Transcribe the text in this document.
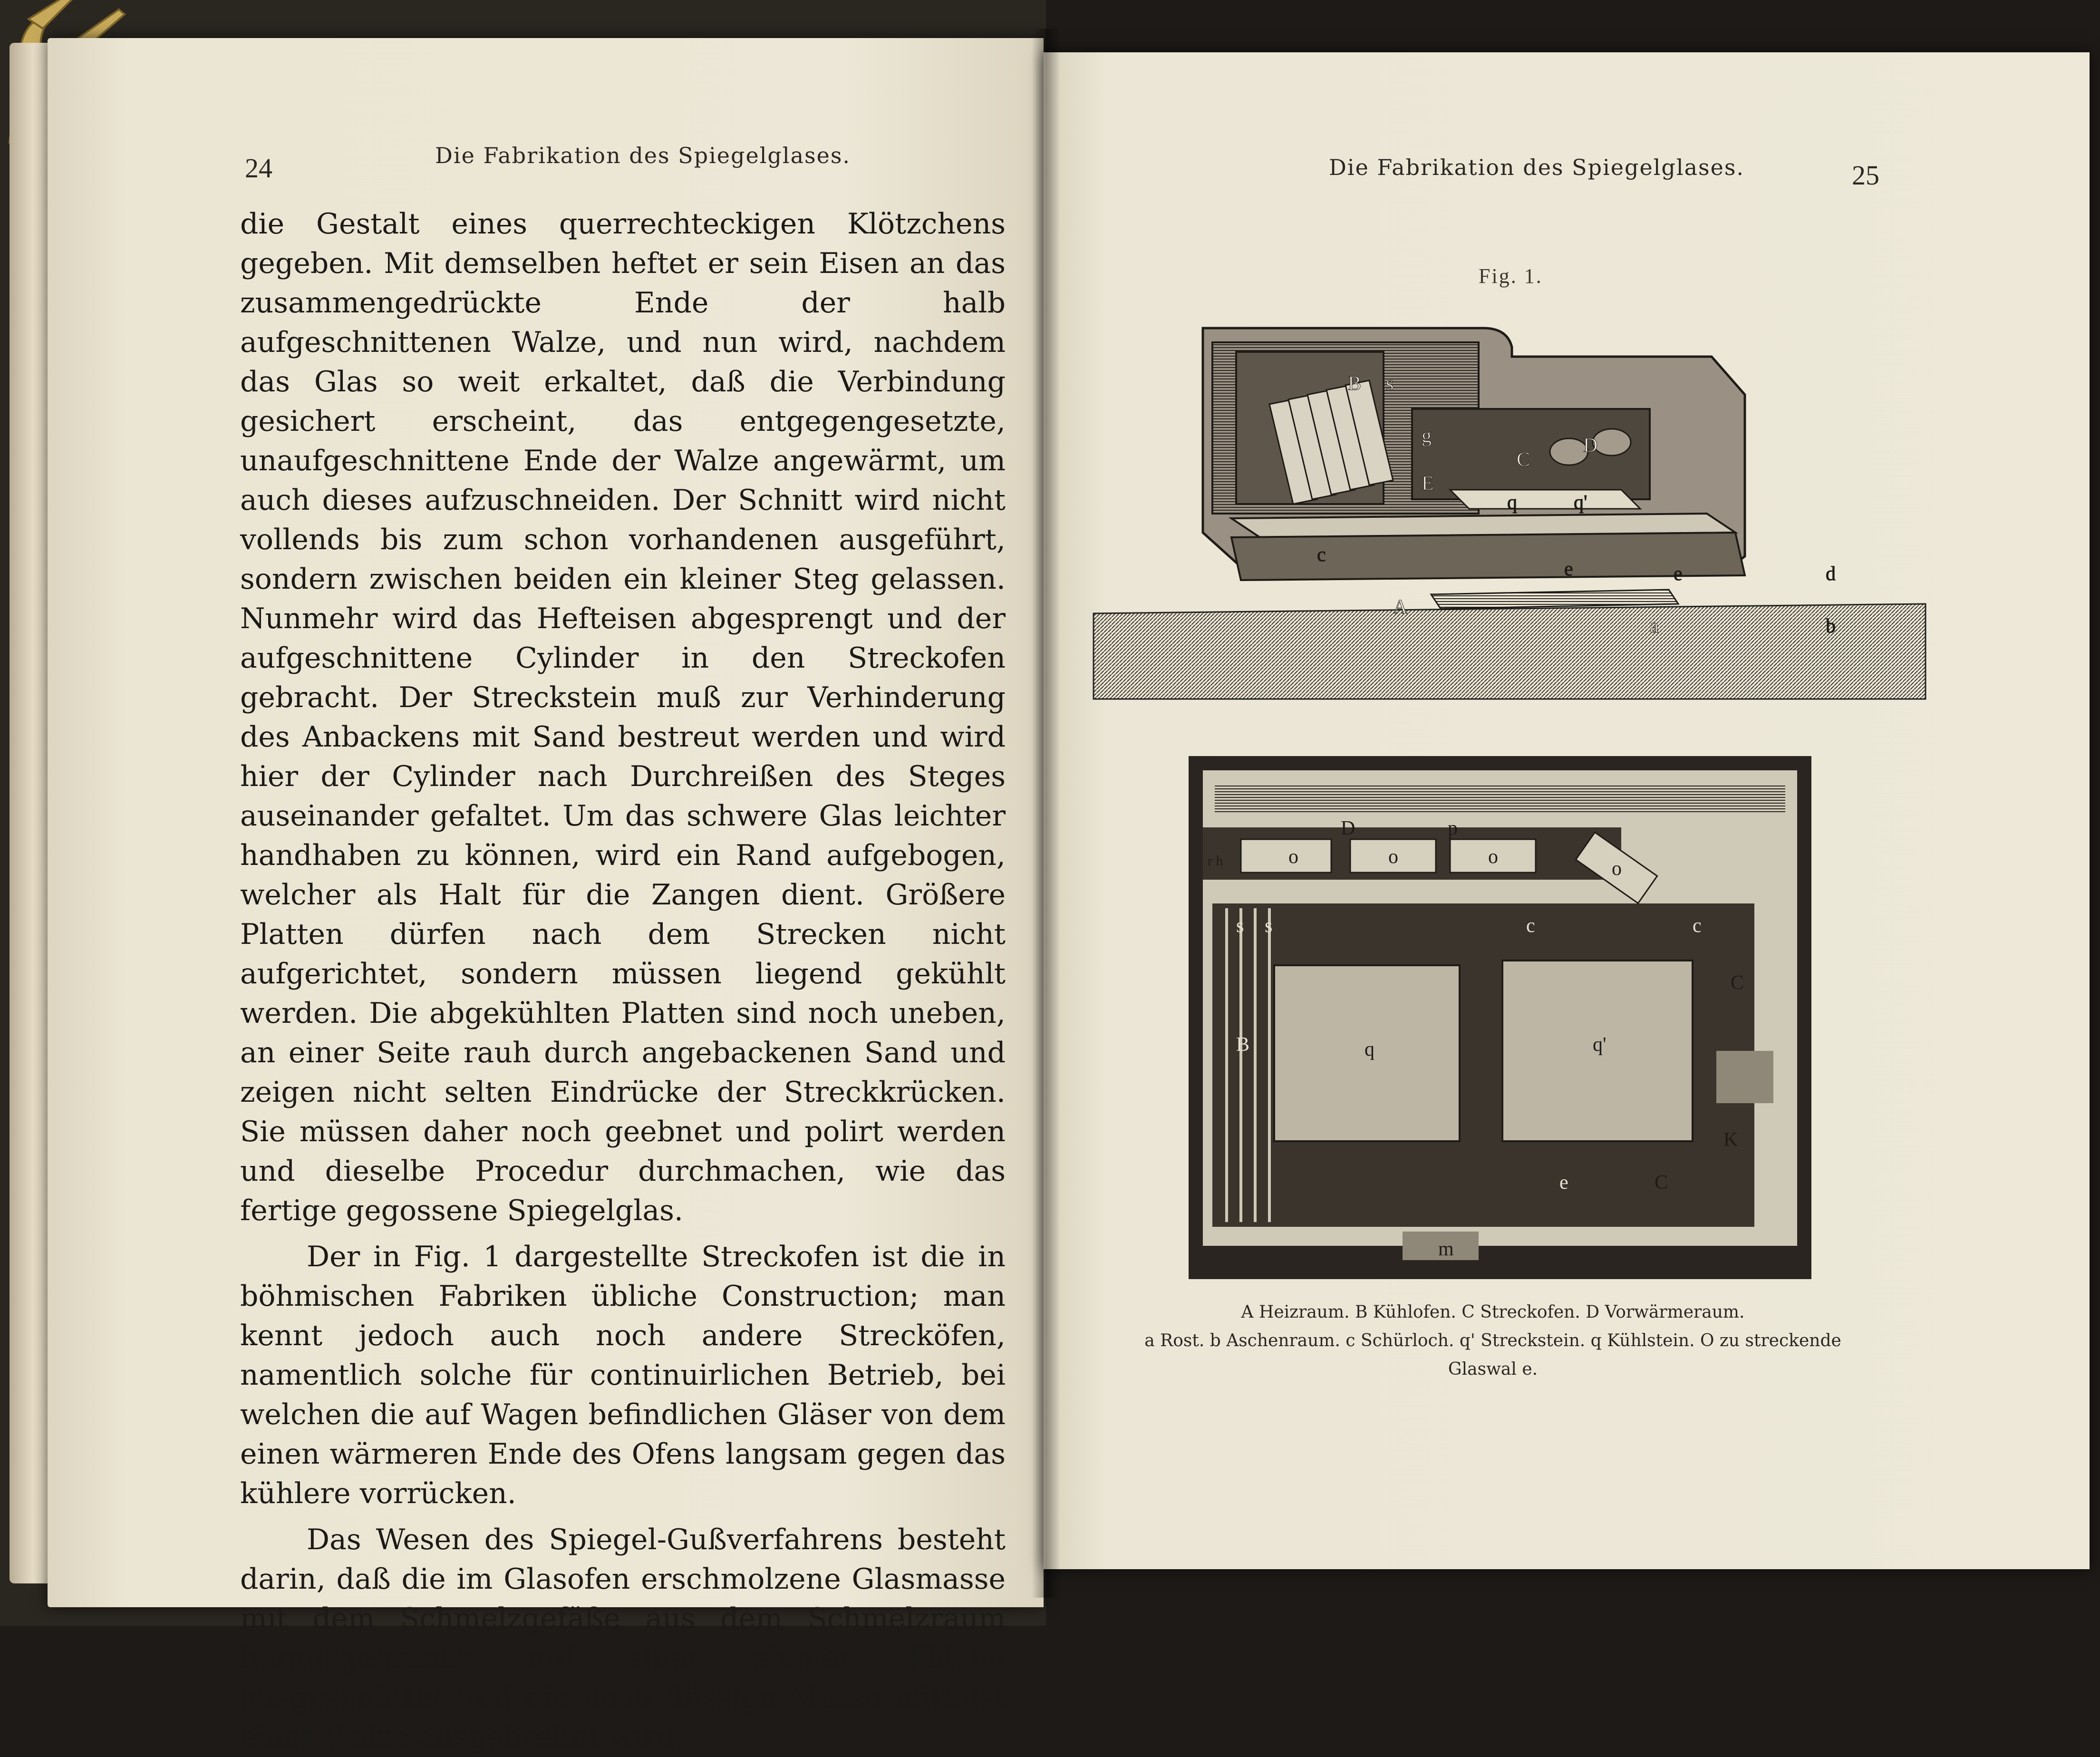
24	Die Fabrikation des Spiegelglases.

die Gestalt eines querrechteckigen Klötzchens gegeben. Mit demselben heftet er sein Eisen an das zusammengedrückte Ende der halb aufgeschnittenen Walze, und nun wird, nachdem das Glas so weit erkaltet, daß die Verbindung gesichert erscheint, das entgegengesetzte, unaufgeschnittene Ende der Walze angewärmt, um auch dieses aufzuschneiden. Der Schnitt wird nicht vollends bis zum schon vorhandenen ausgeführt, sondern zwischen beiden ein kleiner Steg gelassen. Nunmehr wird das Hefteisen abgesprengt und der aufgeschnittene Cylinder in den Streckofen gebracht. Der Streckstein muß zur Verhinderung des Anbackens mit Sand bestreut werden und wird hier der Cylinder nach Durchreißen des Steges auseinander gefaltet. Um das schwere Glas leichter handhaben zu können, wird ein Rand aufgebogen, welcher als Halt für die Zangen dient. Größere Platten dürfen nach dem Strecken nicht aufgerichtet, sondern müssen liegend gekühlt werden. Die abgekühlten Platten sind noch uneben, an einer Seite rauh durch angebackenen Sand und zeigen nicht selten Eindrücke der Streckkrücken. Sie müssen daher noch geebnet und polirt werden und dieselbe Procedur durchmachen, wie das fertige gegossene Spiegelglas.

Der in Fig. 1 dargestellte Streckofen ist die in böhmischen Fabriken übliche Construction; man kennt jedoch auch noch andere Strecköfen, namentlich solche für continuirlichen Betrieb, bei welchen die auf Wagen befindlichen Gläser von dem einen wärmeren Ende des Ofens langsam gegen das kühlere vorrücken.

Das Wesen des Spiegel-Gußverfahrens besteht darin, daß die im Glasofen erschmolzene Glasmasse mit dem Schmelzgefäße aus dem Schmelzraum herausgebracht, auf einer ebenen Fläche ausgeschüttet und die noch flüssige Masse mittelst einer Walze ausgebreitet wird.

Die Fabrikation des Spiegelglases.	25
Fig. 1.
B s
g
C
D
E
q	q'
c
e	e
A
a
d
b
D	p
o	o	o
o
r h
s s
B	q	q'
c	c
C
C
K
e
m
A Heizraum. B Kühlofen. C Streckofen. D Vorwärmeraum.
a Rost. b Aschenraum. c Schürloch. q' Streckstein. q Kühlstein. O zu streckende
Glaswal e.
